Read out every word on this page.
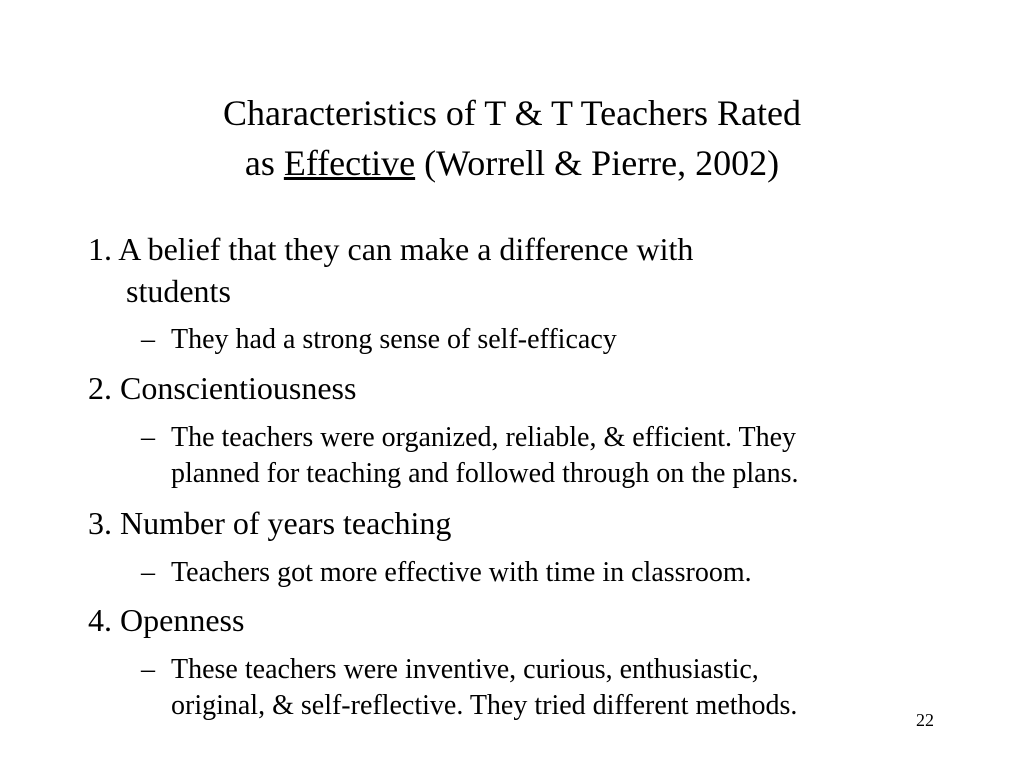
Characteristics of T & T Teachers Rated
as Effective (Worrell & Pierre, 2002)
1. A belief that they can make a difference with
students
– They had a strong sense of self-efficacy
2. Conscientiousness
– The teachers were organized, reliable, & efficient. They
planned for teaching and followed through on the plans.
3. Number of years teaching
– Teachers got more effective with time in classroom.
4. Openness
– These teachers were inventive, curious, enthusiastic,
original, & self-reflective. They tried different methods.	22
